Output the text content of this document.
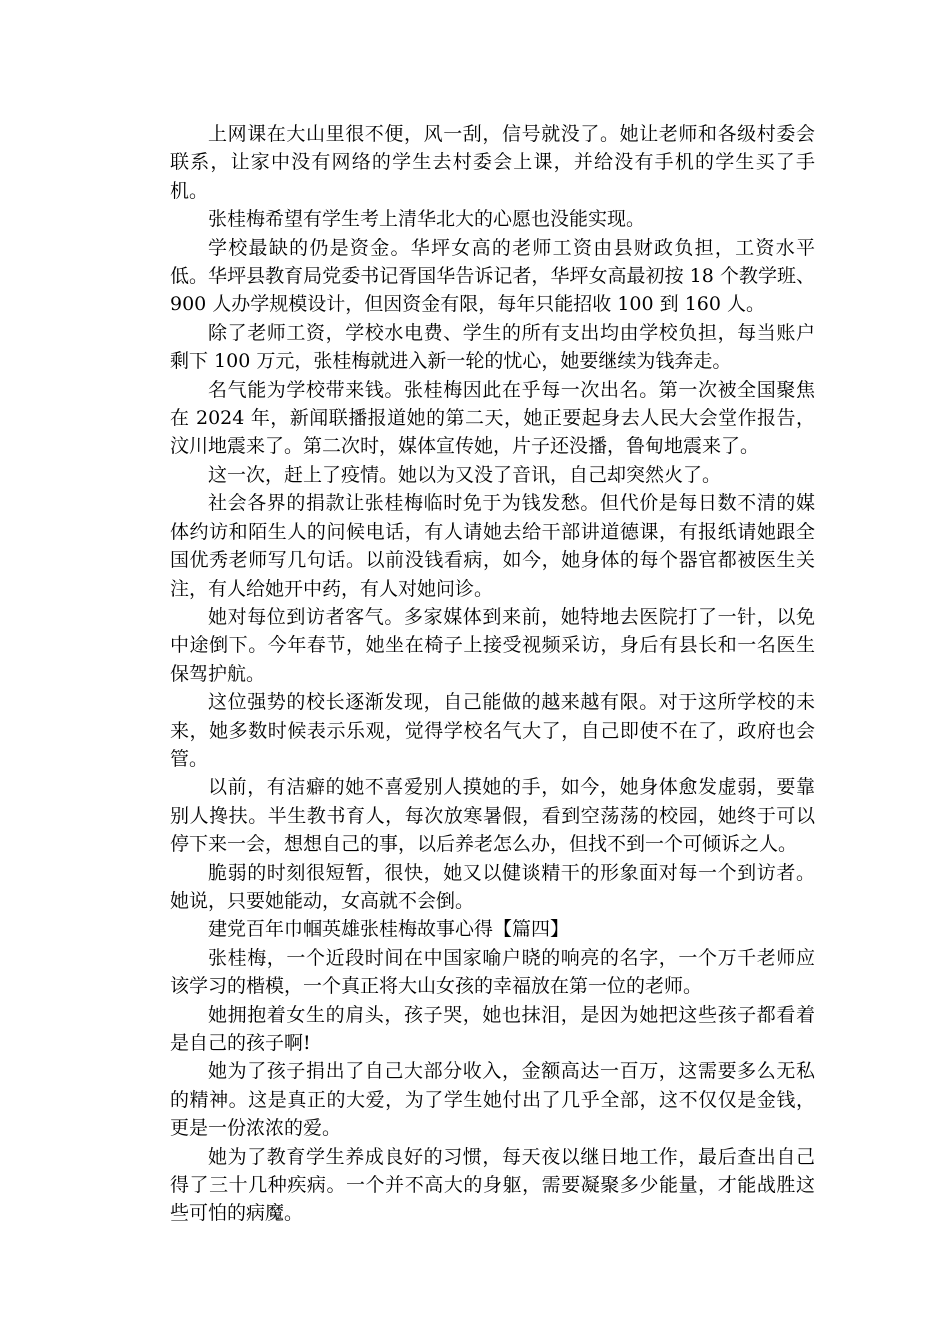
上网课在大山里很不便，风一刮，信号就没了。她让老师和各级村委会联系，让家中没有网络的学生去村委会上课，并给没有手机的学生买了手机。

张桂梅希望有学生考上清华北大的心愿也没能实现。

学校最缺的仍是资金。华坪女高的老师工资由县财政负担，工资水平低。华坪县教育局党委书记胥国华告诉记者，华坪女高最初按 18 个教学班、900 人办学规模设计，但因资金有限，每年只能招收 100 到 160 人。

除了老师工资，学校水电费、学生的所有支出均由学校负担，每当账户剩下 100 万元，张桂梅就进入新一轮的忧心，她要继续为钱奔走。

名气能为学校带来钱。张桂梅因此在乎每一次出名。第一次被全国聚焦在 2024 年，新闻联播报道她的第二天，她正要起身去人民大会堂作报告，汶川地震来了。第二次时，媒体宣传她，片子还没播，鲁甸地震来了。

这一次，赶上了疫情。她以为又没了音讯，自己却突然火了。

社会各界的捐款让张桂梅临时免于为钱发愁。但代价是每日数不清的媒体约访和陌生人的问候电话，有人请她去给干部讲道德课，有报纸请她跟全国优秀老师写几句话。以前没钱看病，如今，她身体的每个器官都被医生关注，有人给她开中药，有人对她问诊。

她对每位到访者客气。多家媒体到来前，她特地去医院打了一针，以免中途倒下。今年春节，她坐在椅子上接受视频采访，身后有县长和一名医生保驾护航。

这位强势的校长逐渐发现，自己能做的越来越有限。对于这所学校的未来，她多数时候表示乐观，觉得学校名气大了，自己即使不在了，政府也会管。

以前，有洁癖的她不喜爱别人摸她的手，如今，她身体愈发虚弱，要靠别人搀扶。半生教书育人，每次放寒暑假，看到空荡荡的校园，她终于可以停下来一会，想想自己的事，以后养老怎么办，但找不到一个可倾诉之人。

脆弱的时刻很短暂，很快，她又以健谈精干的形象面对每一个到访者。她说，只要她能动，女高就不会倒。

建党百年巾帼英雄张桂梅故事心得【篇四】

张桂梅，一个近段时间在中国家喻户晓的响亮的名字，一个万千老师应该学习的楷模，一个真正将大山女孩的幸福放在第一位的老师。

她拥抱着女生的肩头，孩子哭，她也抹泪，是因为她把这些孩子都看着是自己的孩子啊!

她为了孩子捐出了自己大部分收入，金额高达一百万，这需要多么无私的精神。这是真正的大爱，为了学生她付出了几乎全部，这不仅仅是金钱，更是一份浓浓的爱。

她为了教育学生养成良好的习惯，每天夜以继日地工作，最后查出自己得了三十几种疾病。一个并不高大的身躯，需要凝聚多少能量，才能战胜这些可怕的病魔。
